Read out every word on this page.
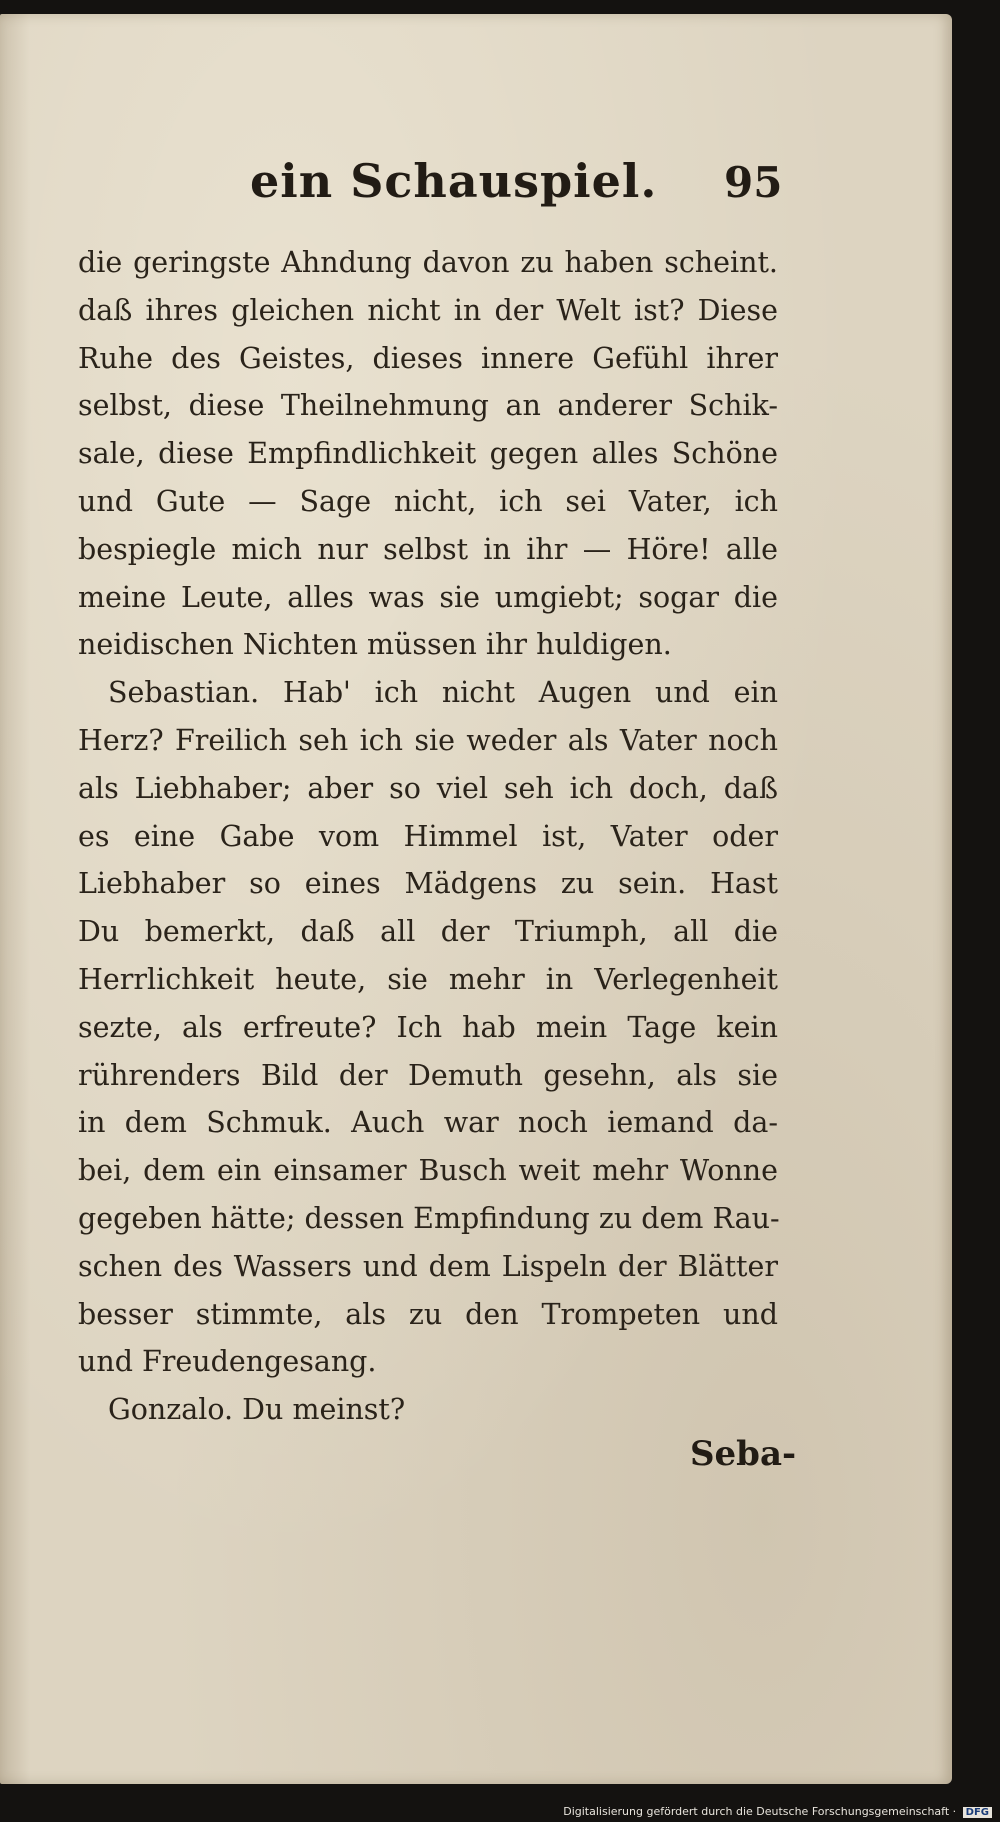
ein Schauspiel. 95
die geringste Ahndung davon zu haben scheint.
daß ihres gleichen nicht in der Welt ist? Diese
Ruhe des Geistes, dieses innere Gefühl ihrer
selbst, diese Theilnehmung an anderer Schik-
sale, diese Empfindlichkeit gegen alles Schöne
und Gute — Sage nicht, ich sei Vater, ich
bespiegle mich nur selbst in ihr — Höre! alle
meine Leute, alles was sie umgiebt; sogar die
neidischen Nichten müssen ihr huldigen.
Sebastian. Hab' ich nicht Augen und ein
Herz? Freilich seh ich sie weder als Vater noch
als Liebhaber; aber so viel seh ich doch, daß
es eine Gabe vom Himmel ist, Vater oder
Liebhaber so eines Mädgens zu sein. Hast
Du bemerkt, daß all der Triumph, all die
Herrlichkeit heute, sie mehr in Verlegenheit
sezte, als erfreute? Ich hab mein Tage kein
rührenders Bild der Demuth gesehn, als sie
in dem Schmuk. Auch war noch iemand da-
bei, dem ein einsamer Busch weit mehr Wonne
gegeben hätte; dessen Empfindung zu dem Rau-
schen des Wassers und dem Lispeln der Blätter
besser stimmte, als zu den Trompeten und
und Freudengesang.
Gonzalo. Du meinst?
Seba-
Digitalisierung gefördert durch die Deutsche Forschungsgemeinschaft · DFG
